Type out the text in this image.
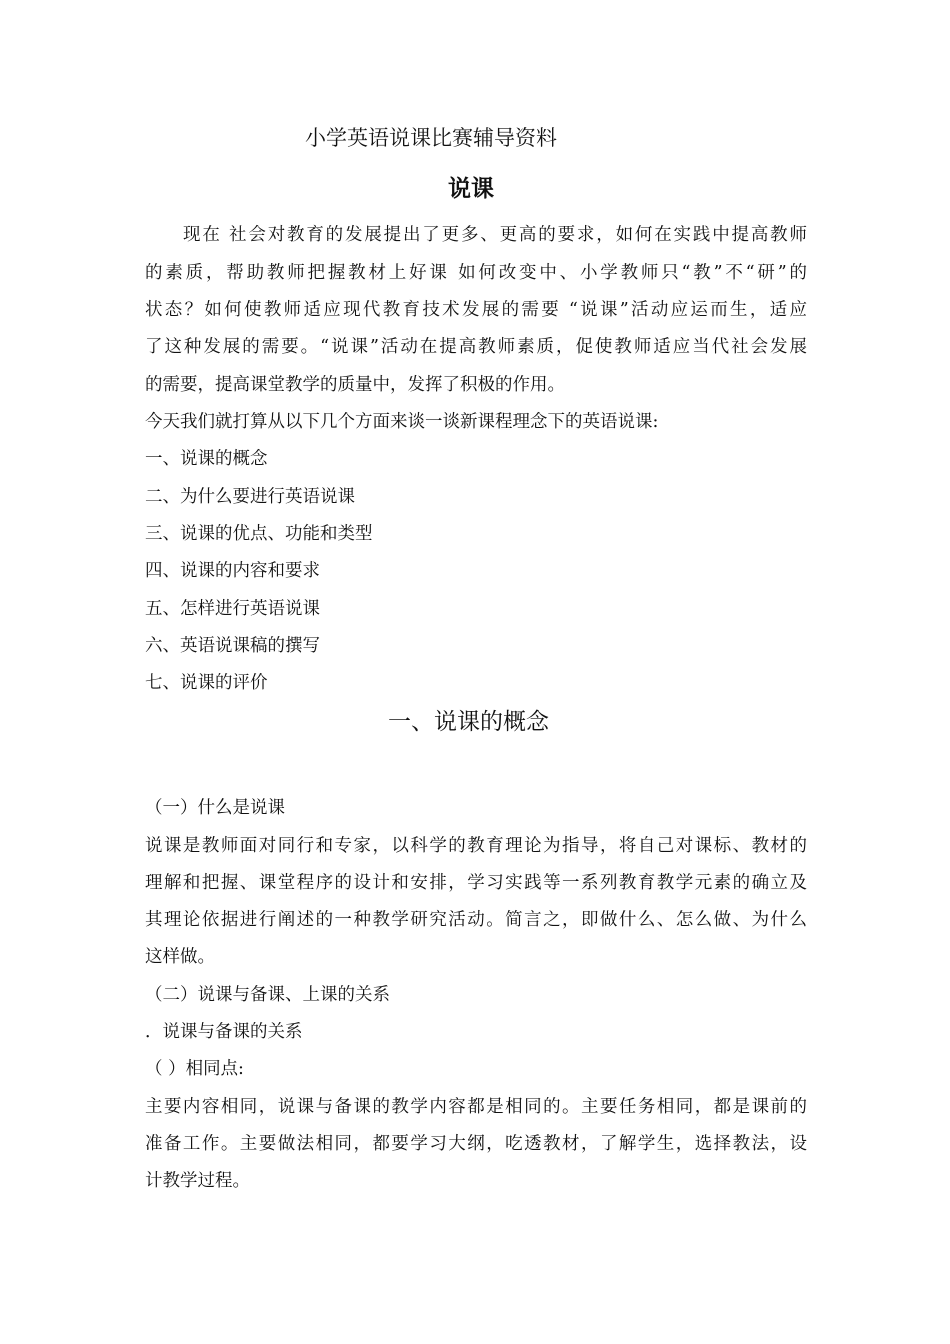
小学英语说课比赛辅导资料
说课
现在 社会对教育的发展提出了更多、更高的要求，如何在实践中提高教师
的素质，帮助教师把握教材上好课 如何改变中、小学教师只“教”不“研”的
状态？如何使教师适应现代教育技术发展的需要 “说课”活动应运而生，适应
了这种发展的需要。“说课”活动在提高教师素质，促使教师适应当代社会发展
的需要，提高课堂教学的质量中，发挥了积极的作用。
今天我们就打算从以下几个方面来谈一谈新课程理念下的英语说课:
一、说课的概念
二、为什么要进行英语说课
三、说课的优点、功能和类型
四、说课的内容和要求
五、怎样进行英语说课
六、英语说课稿的撰写
七、说课的评价
一、说课的概念
（一）什么是说课
说课是教师面对同行和专家，以科学的教育理论为指导，将自己对课标、教材的
理解和把握、课堂程序的设计和安排，学习实践等一系列教育教学元素的确立及
其理论依据进行阐述的一种教学研究活动。简言之，即做什么、怎么做、为什么
这样做。
（二）说课与备课、上课的关系
．说课与备课的关系
（ ）相同点:
主要内容相同，说课与备课的教学内容都是相同的。主要任务相同，都是课前的
准备工作。主要做法相同，都要学习大纲，吃透教材，了解学生，选择教法，设
计教学过程。
